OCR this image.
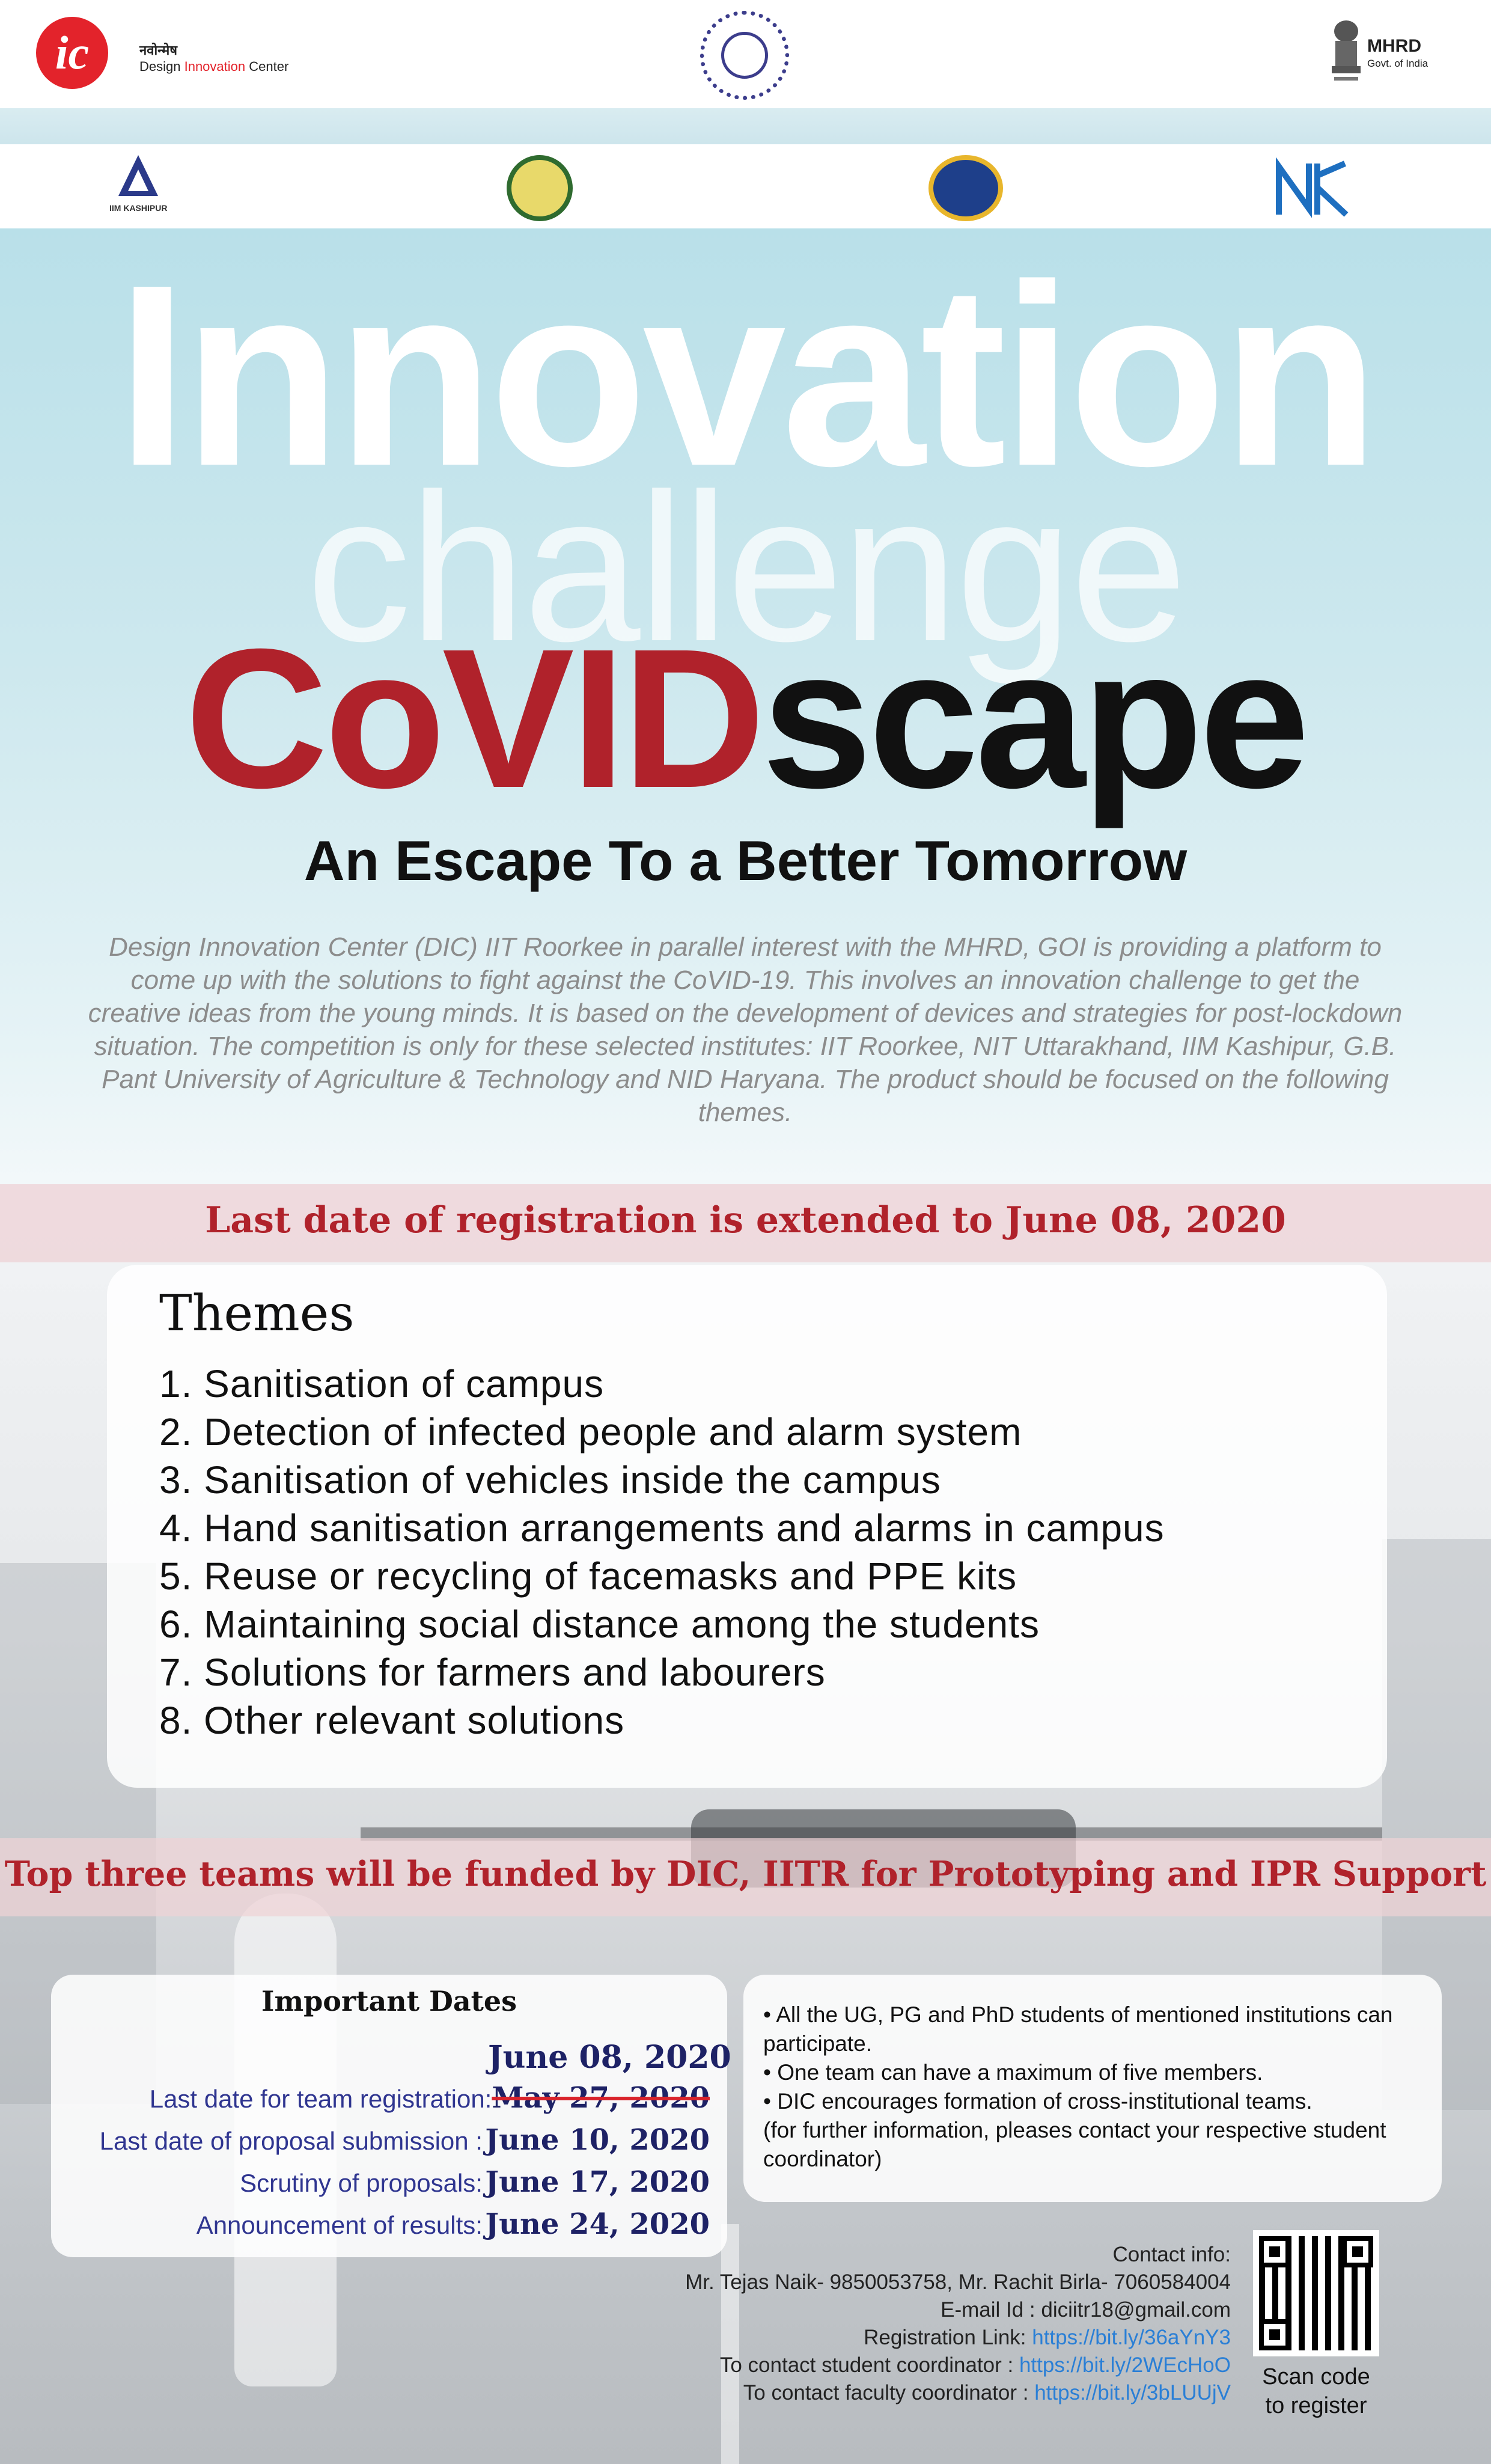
ic	नवोन्मेष
Design Innovation Center
MHRD
Govt. of India
IIM KASHIPUR
Innovation
challenge
CoVIDscape
An Escape To a Better Tomorrow
Design Innovation Center (DIC) IIT Roorkee in parallel interest with the MHRD, GOI is providing a platform to come up with the solutions to fight against the CoVID-19. This involves an innovation challenge to get the creative ideas from the young minds. It is based on the development of devices and strategies for post-lockdown situation. The competition is only for these selected institutes: IIT Roorkee, NIT Uttarakhand, IIM Kashipur, G.B. Pant University of Agriculture & Technology and NID Haryana. The product should be focused on the following themes.
Last date of registration is extended to June 08, 2020
Themes
1. Sanitisation of campus
2. Detection of infected people and alarm system
3. Sanitisation of vehicles inside the campus
4. Hand sanitisation arrangements and alarms in campus
5. Reuse or recycling of facemasks and PPE kits
6. Maintaining social distance among the students
7. Solutions for farmers and labourers
8. Other relevant solutions
Top three teams will be funded by DIC, IITR for Prototyping and IPR Support
Important Dates
June 08, 2020
Last date for team registration:May 27, 2020
Last date of proposal submission : June 10, 2020
Scrutiny of proposals: June 17, 2020
Announcement of results: June 24, 2020
• All the UG, PG and PhD students of mentioned institutions can participate.
• One team can have a maximum of five members.
• DIC encourages formation of cross-institutional teams.
(for further information, pleases contact your respective student coordinator)
Contact info:
Mr. Tejas Naik- 9850053758, Mr. Rachit Birla- 7060584004
E-mail Id : diciitr18@gmail.com
Registration Link: https://bit.ly/36aYnY3
To contact student coordinator : https://bit.ly/2WEcHoO
To contact faculty coordinator : https://bit.ly/3bLUUjV
Scan code
to register
